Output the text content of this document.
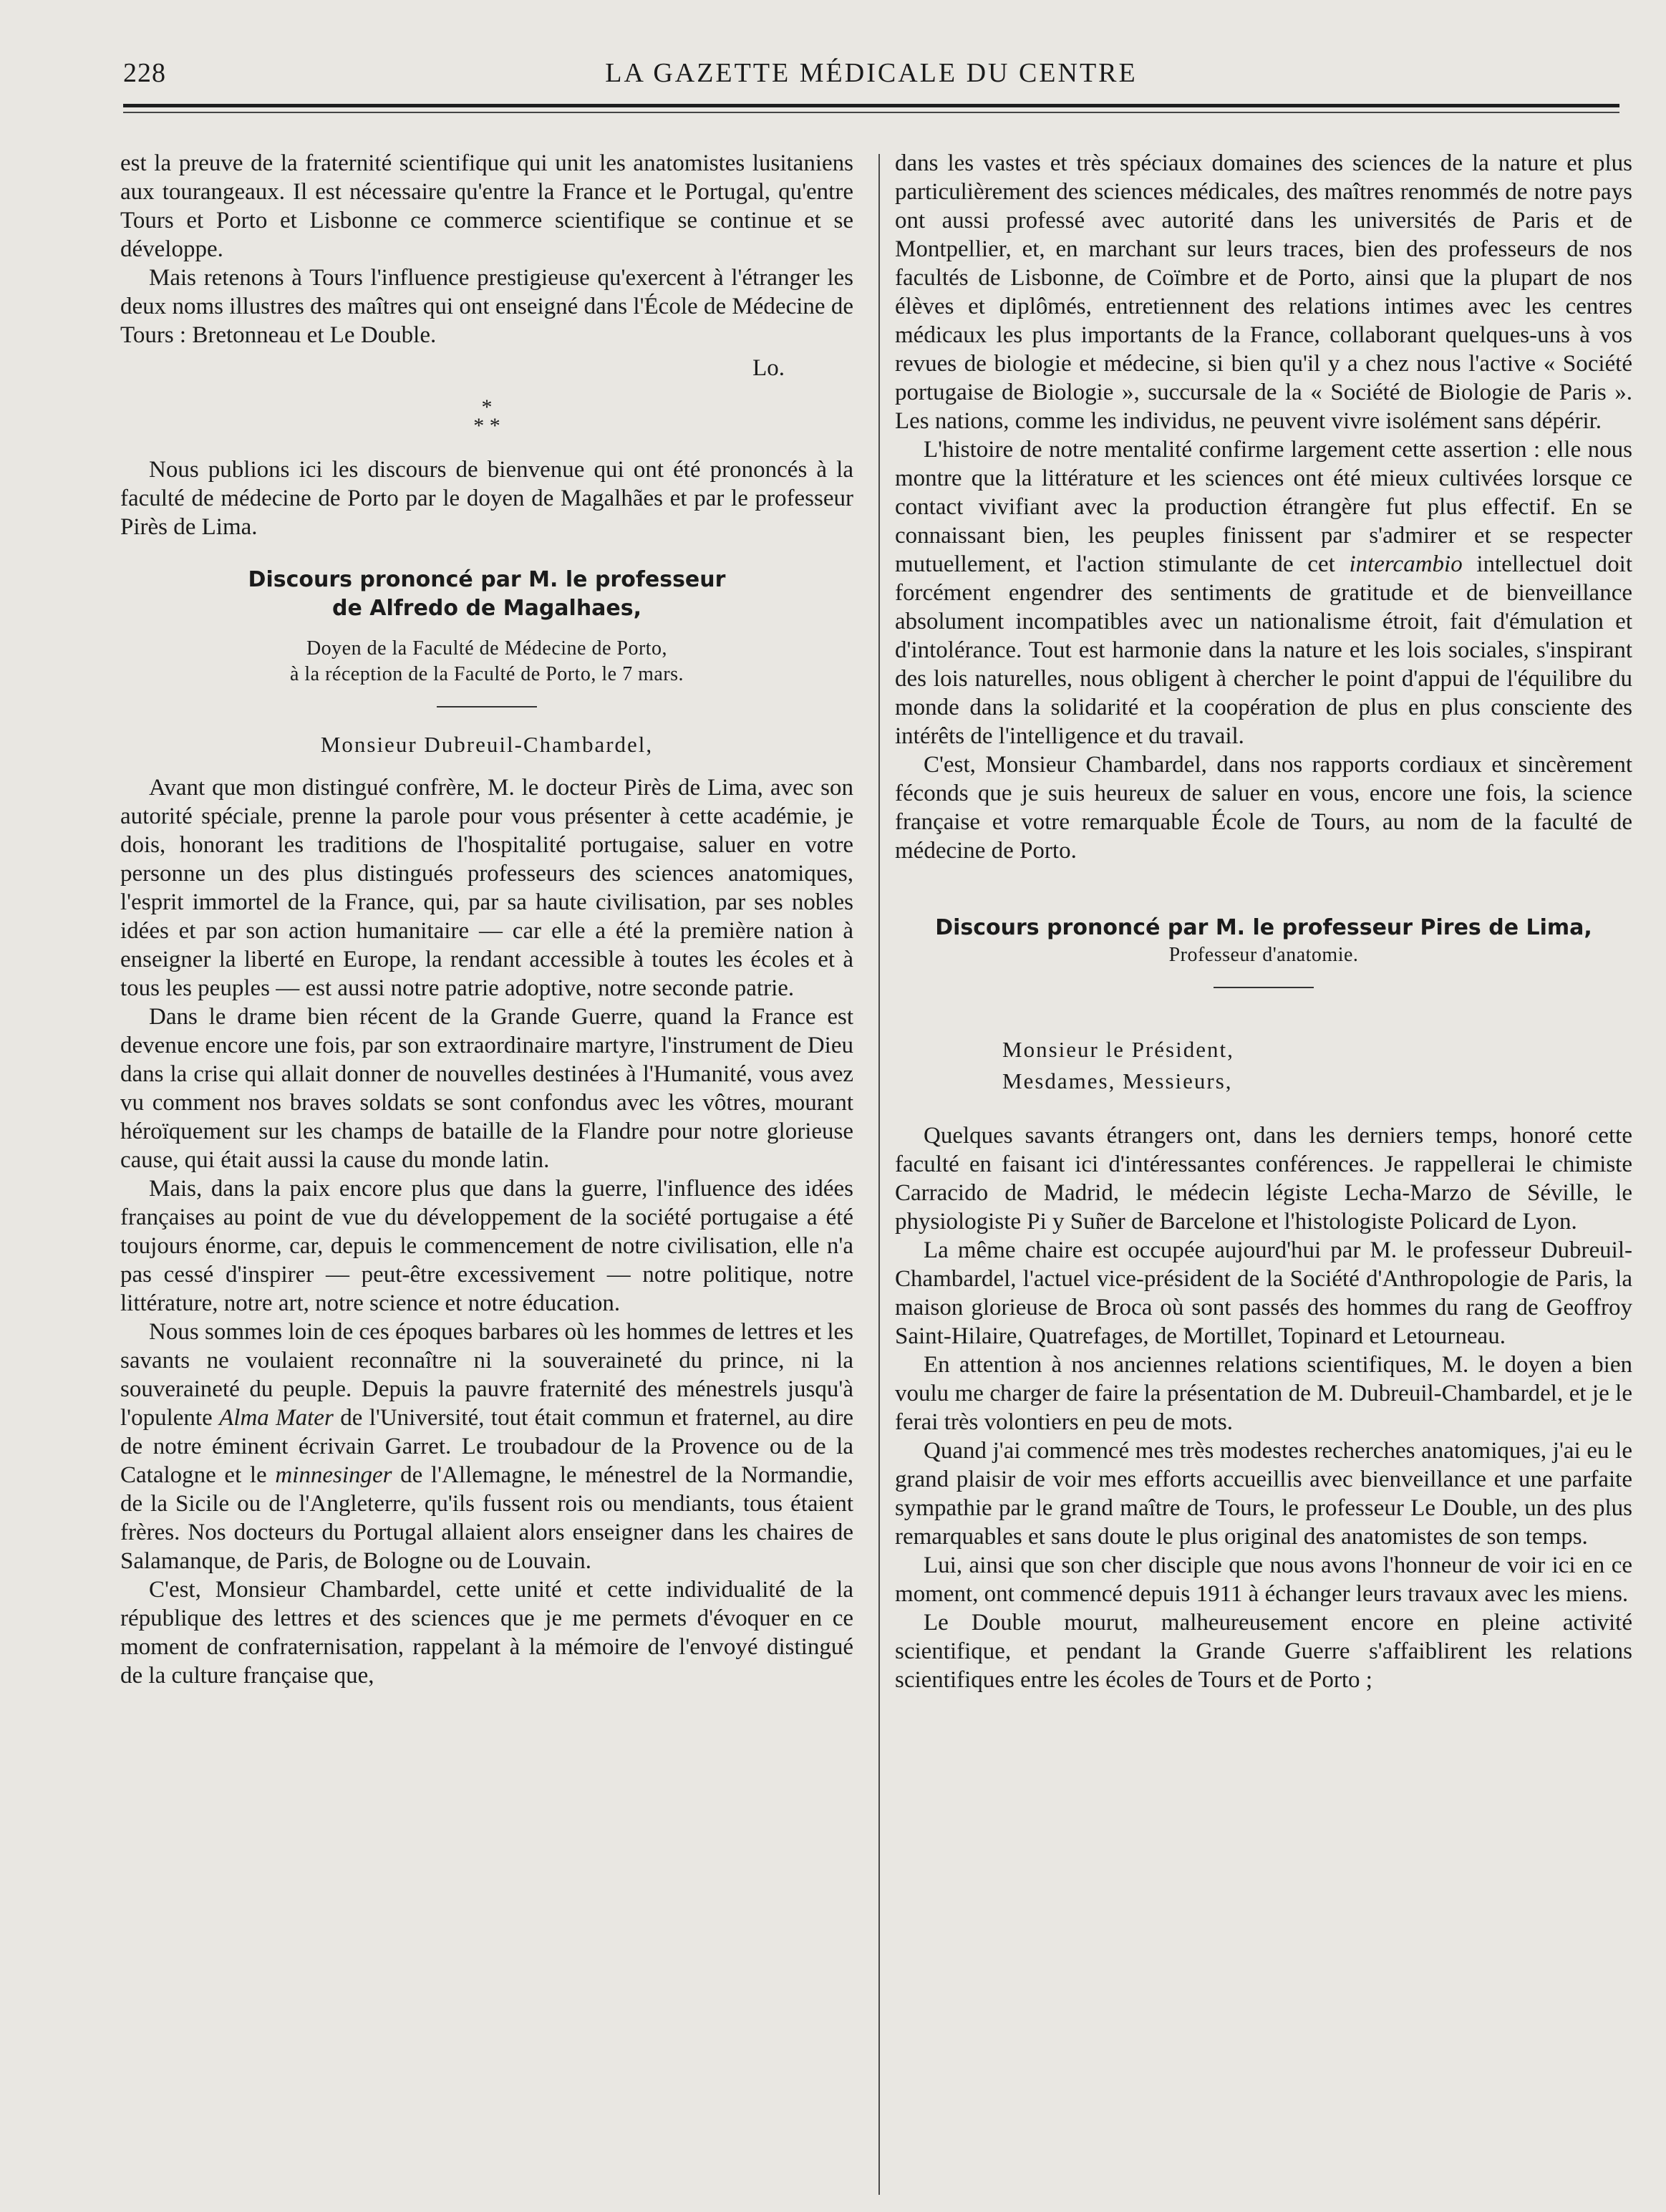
228	LA GAZETTE MÉDICALE DU CENTRE

est la preuve de la fraternité scientifique qui unit les anatomistes lusitaniens aux tourangeaux. Il est nécessaire qu'entre la France et le Portugal, qu'entre Tours et Porto et Lisbonne ce commerce scientifique se continue et se développe.

Mais retenons à Tours l'influence prestigieuse qu'exercent à l'étranger les deux noms illustres des maîtres qui ont enseigné dans l'École de Médecine de Tours : Bretonneau et Le Double.

Lo.

*
* *

Nous publions ici les discours de bienvenue qui ont été prononcés à la faculté de médecine de Porto par le doyen de Magalhães et par le professeur Pirès de Lima.

Discours prononcé par M. le professeur
de Alfredo de Magalhaes,
Doyen de la Faculté de Médecine de Porto,
à la réception de la Faculté de Porto, le 7 mars.

Monsieur Dubreuil-Chambardel,

Avant que mon distingué confrère, M. le docteur Pirès de Lima, avec son autorité spéciale, prenne la parole pour vous présenter à cette académie, je dois, honorant les traditions de l'hospitalité portugaise, saluer en votre personne un des plus distingués professeurs des sciences anatomiques, l'esprit immortel de la France, qui, par sa haute civilisation, par ses nobles idées et par son action humanitaire — car elle a été la première nation à enseigner la liberté en Europe, la rendant accessible à toutes les écoles et à tous les peuples — est aussi notre patrie adoptive, notre seconde patrie.

Dans le drame bien récent de la Grande Guerre, quand la France est devenue encore une fois, par son extraordinaire martyre, l'instrument de Dieu dans la crise qui allait donner de nouvelles destinées à l'Humanité, vous avez vu comment nos braves soldats se sont confondus avec les vôtres, mourant héroïquement sur les champs de bataille de la Flandre pour notre glorieuse cause, qui était aussi la cause du monde latin.

Mais, dans la paix encore plus que dans la guerre, l'influence des idées françaises au point de vue du développement de la société portugaise a été toujours énorme, car, depuis le commencement de notre civilisation, elle n'a pas cessé d'inspirer — peut-être excessivement — notre politique, notre littérature, notre art, notre science et notre éducation.

Nous sommes loin de ces époques barbares où les hommes de lettres et les savants ne voulaient reconnaître ni la souveraineté du prince, ni la souveraineté du peuple. Depuis la pauvre fraternité des ménestrels jusqu'à l'opulente Alma Mater de l'Université, tout était commun et fraternel, au dire de notre éminent écrivain Garret. Le troubadour de la Provence ou de la Catalogne et le minnesinger de l'Allemagne, le ménestrel de la Normandie, de la Sicile ou de l'Angleterre, qu'ils fussent rois ou mendiants, tous étaient frères. Nos docteurs du Portugal allaient alors enseigner dans les chaires de Salamanque, de Paris, de Bologne ou de Louvain.

C'est, Monsieur Chambardel, cette unité et cette individualité de la république des lettres et des sciences que je me permets d'évoquer en ce moment de confraternisation, rappelant à la mémoire de l'envoyé distingué de la culture française que,

dans les vastes et très spéciaux domaines des sciences de la nature et plus particulièrement des sciences médicales, des maîtres renommés de notre pays ont aussi professé avec autorité dans les universités de Paris et de Montpellier, et, en marchant sur leurs traces, bien des professeurs de nos facultés de Lisbonne, de Coïmbre et de Porto, ainsi que la plupart de nos élèves et diplômés, entretiennent des relations intimes avec les centres médicaux les plus importants de la France, collaborant quelques-uns à vos revues de biologie et médecine, si bien qu'il y a chez nous l'active « Société portugaise de Biologie », succursale de la « Société de Biologie de Paris ». Les nations, comme les individus, ne peuvent vivre isolément sans dépérir.

L'histoire de notre mentalité confirme largement cette assertion : elle nous montre que la littérature et les sciences ont été mieux cultivées lorsque ce contact vivifiant avec la production étrangère fut plus effectif. En se connaissant bien, les peuples finissent par s'admirer et se respecter mutuellement, et l'action stimulante de cet intercambio intellectuel doit forcément engendrer des sentiments de gratitude et de bienveillance absolument incompatibles avec un nationalisme étroit, fait d'émulation et d'intolérance. Tout est harmonie dans la nature et les lois sociales, s'inspirant des lois naturelles, nous obligent à chercher le point d'appui de l'équilibre du monde dans la solidarité et la coopération de plus en plus consciente des intérêts de l'intelligence et du travail.

C'est, Monsieur Chambardel, dans nos rapports cordiaux et sincèrement féconds que je suis heureux de saluer en vous, encore une fois, la science française et votre remarquable École de Tours, au nom de la faculté de médecine de Porto.

Discours prononcé par M. le professeur Pires de Lima,
Professeur d'anatomie.

Monsieur le Président,

Mesdames, Messieurs,

Quelques savants étrangers ont, dans les derniers temps, honoré cette faculté en faisant ici d'intéressantes conférences. Je rappellerai le chimiste Carracido de Madrid, le médecin légiste Lecha-Marzo de Séville, le physiologiste Pi y Suñer de Barcelone et l'histologiste Policard de Lyon.

La même chaire est occupée aujourd'hui par M. le professeur Dubreuil-Chambardel, l'actuel vice-président de la Société d'Anthropologie de Paris, la maison glorieuse de Broca où sont passés des hommes du rang de Geoffroy Saint-Hilaire, Quatrefages, de Mortillet, Topinard et Letourneau.

En attention à nos anciennes relations scientifiques, M. le doyen a bien voulu me charger de faire la présentation de M. Dubreuil-Chambardel, et je le ferai très volontiers en peu de mots.

Quand j'ai commencé mes très modestes recherches anatomiques, j'ai eu le grand plaisir de voir mes efforts accueillis avec bienveillance et une parfaite sympathie par le grand maître de Tours, le professeur Le Double, un des plus remarquables et sans doute le plus original des anatomistes de son temps.

Lui, ainsi que son cher disciple que nous avons l'honneur de voir ici en ce moment, ont commencé depuis 1911 à échanger leurs travaux avec les miens.

Le Double mourut, malheureusement encore en pleine activité scientifique, et pendant la Grande Guerre s'affaiblirent les relations scientifiques entre les écoles de Tours et de Porto ;
